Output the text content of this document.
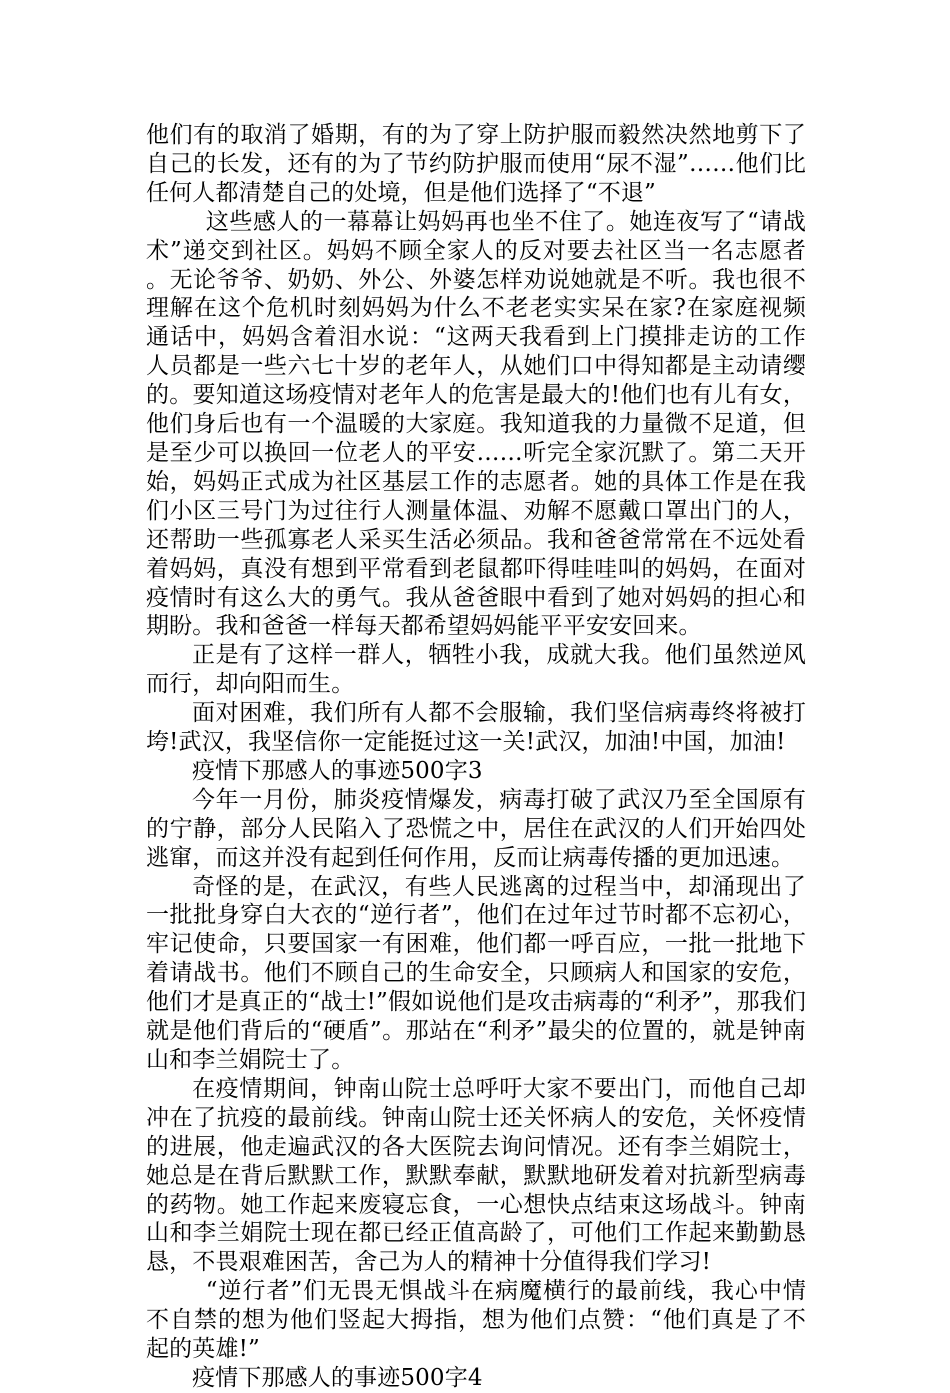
他们有的取消了婚期，有的为了穿上防护服而毅然决然地剪下了自己的长发，还有的为了节约防护服而使用“尿不湿”……他们比任何人都清楚自己的处境，但是他们选择了“不退”

这些感人的一幕幕让妈妈再也坐不住了。她连夜写了“请战术”递交到社区。妈妈不顾全家人的反对要去社区当一名志愿者。无论爷爷、奶奶、外公、外婆怎样劝说她就是不听。我也很不理解在这个危机时刻妈妈为什么不老老实实呆在家?在家庭视频通话中，妈妈含着泪水说：“这两天我看到上门摸排走访的工作人员都是一些六七十岁的老年人，从她们口中得知都是主动请缨的。要知道这场疫情对老年人的危害是最大的!他们也有儿有女，他们身后也有一个温暖的大家庭。我知道我的力量微不足道，但是至少可以换回一位老人的平安……听完全家沉默了。第二天开始，妈妈正式成为社区基层工作的志愿者。她的具体工作是在我们小区三号门为过往行人测量体温、劝解不愿戴口罩出门的人，还帮助一些孤寡老人采买生活必须品。我和爸爸常常在不远处看着妈妈，真没有想到平常看到老鼠都吓得哇哇叫的妈妈，在面对疫情时有这么大的勇气。我从爸爸眼中看到了她对妈妈的担心和期盼。我和爸爸一样每天都希望妈妈能平平安安回来。

正是有了这样一群人，牺牲小我，成就大我。他们虽然逆风而行，却向阳而生。

面对困难，我们所有人都不会服输，我们坚信病毒终将被打垮!武汉，我坚信你一定能挺过这一关!武汉，加油!中国，加油!

疫情下那感人的事迹500字3

今年一月份，肺炎疫情爆发，病毒打破了武汉乃至全国原有的宁静，部分人民陷入了恐慌之中，居住在武汉的人们开始四处逃窜，而这并没有起到任何作用，反而让病毒传播的更加迅速。

奇怪的是，在武汉，有些人民逃离的过程当中，却涌现出了一批批身穿白大衣的“逆行者”，他们在过年过节时都不忘初心，牢记使命，只要国家一有困难，他们都一呼百应，一批一批地下着请战书。他们不顾自己的生命安全，只顾病人和国家的安危，他们才是真正的“战士!”假如说他们是攻击病毒的“利矛”，那我们就是他们背后的“硬盾”。那站在“利矛”最尖的位置的，就是钟南山和李兰娟院士了。

在疫情期间，钟南山院士总呼吁大家不要出门，而他自己却冲在了抗疫的最前线。钟南山院士还关怀病人的安危，关怀疫情的进展，他走遍武汉的各大医院去询问情况。还有李兰娟院士，她总是在背后默默工作，默默奉献，默默地研发着对抗新型病毒的药物。她工作起来废寝忘食，一心想快点结束这场战斗。钟南山和李兰娟院士现在都已经正值高龄了，可他们工作起来勤勤恳恳，不畏艰难困苦，舍己为人的精神十分值得我们学习!

“逆行者”们无畏无惧战斗在病魔横行的最前线，我心中情不自禁的想为他们竖起大拇指，想为他们点赞：“他们真是了不起的英雄!”

疫情下那感人的事迹500字4
